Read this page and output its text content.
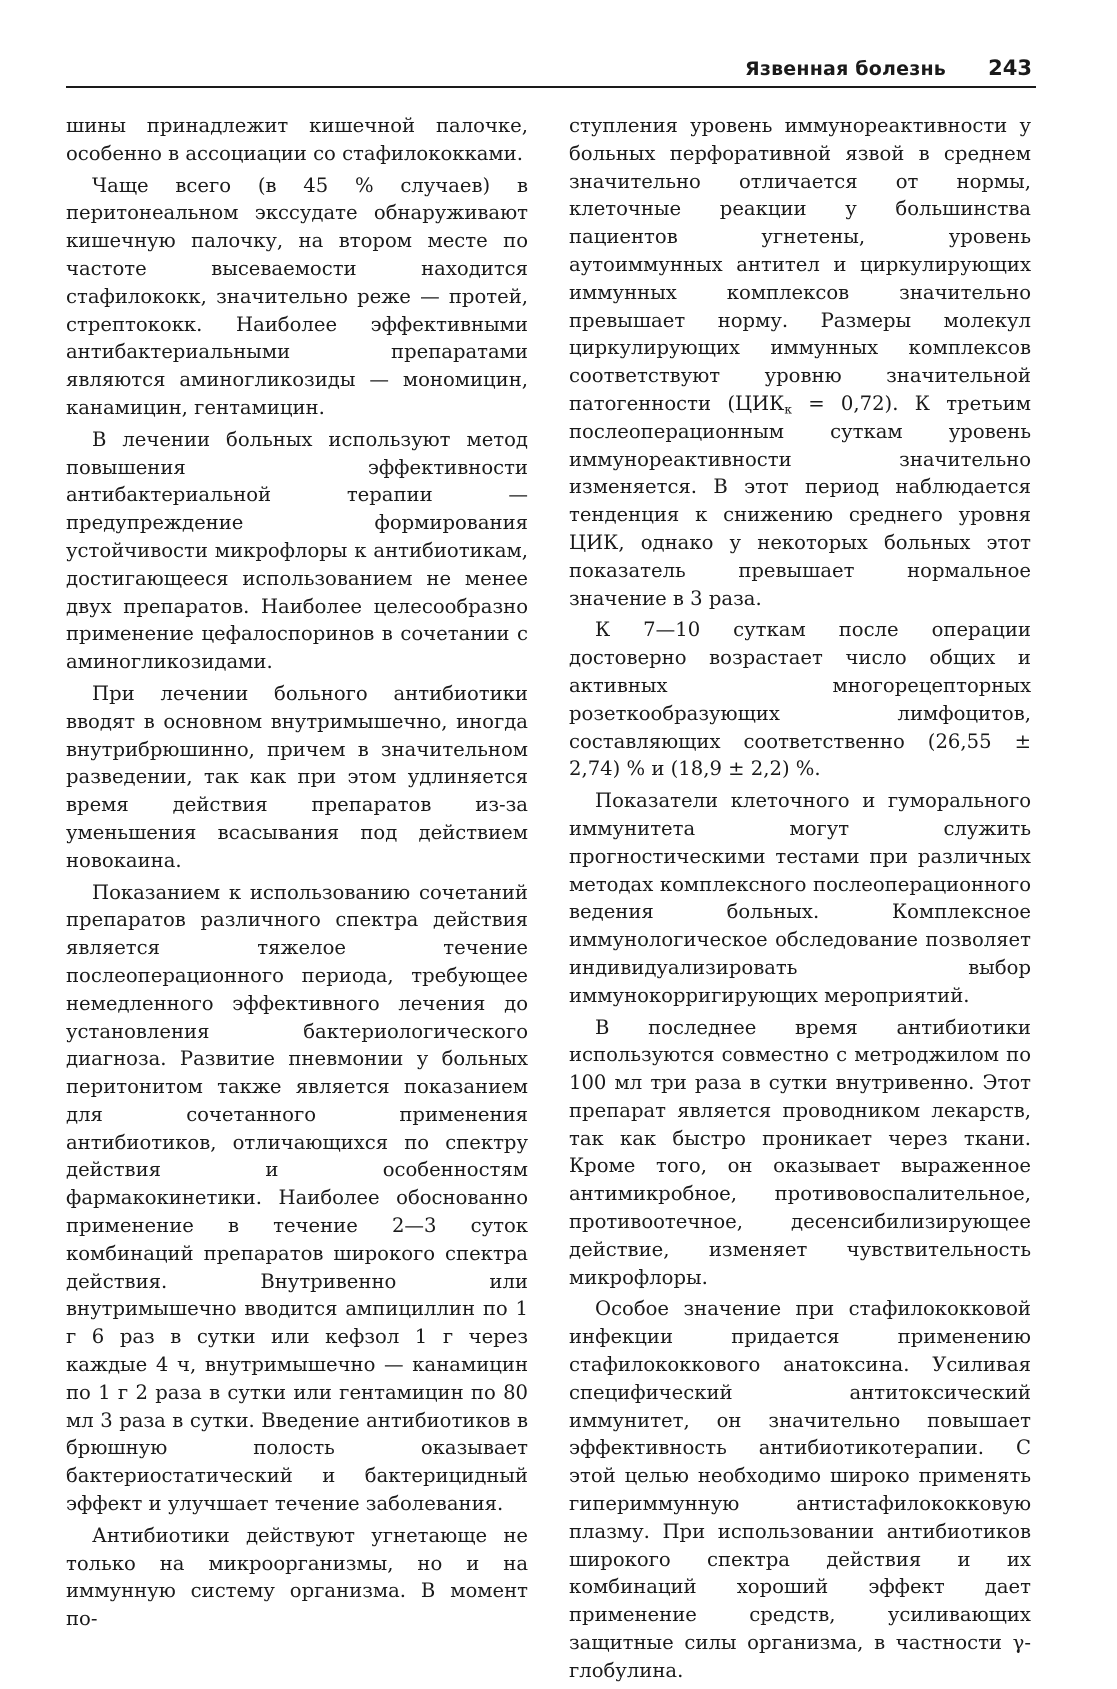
Язвенная болезнь 243

шины принадлежит кишечной палочке, особенно в ассоциации со стафилококками.

Чаще всего (в 45 % случаев) в перитонеальном экссудате обнаруживают кишечную палочку, на втором месте по частоте высеваемости находится стафилококк, значительно реже — протей, стрептококк. Наиболее эффективными антибактериальными препаратами являются аминогликозиды — мономицин, канамицин, гентамицин.

В лечении больных используют метод повышения эффективности антибактериальной терапии — предупреждение формирования устойчивости микрофлоры к антибиотикам, достигающееся использованием не менее двух препаратов. Наиболее целесообразно применение цефалоспоринов в сочетании с аминогликозидами.

При лечении больного антибиотики вводят в основном внутримышечно, иногда внутрибрюшинно, причем в значительном разведении, так как при этом удлиняется время действия препаратов из-за уменьшения всасывания под действием новокаина.

Показанием к использованию сочетаний препаратов различного спектра действия является тяжелое течение послеоперационного периода, требующее немедленного эффективного лечения до установления бактериологического диагноза. Развитие пневмонии у больных перитонитом также является показанием для сочетанного применения антибиотиков, отличающихся по спектру действия и особенностям фармакокинетики. Наиболее обоснованно применение в течение 2—3 суток комбинаций препаратов широкого спектра действия. Внутривенно или внутримышечно вводится ампициллин по 1 г 6 раз в сутки или кефзол 1 г через каждые 4 ч, внутримышечно — канамицин по 1 г 2 раза в сутки или гентамицин по 80 мл 3 раза в сутки. Введение антибиотиков в брюшную полость оказывает бактериостатический и бактерицидный эффект и улучшает течение заболевания.

Антибиотики действуют угнетающе не только на микроорганизмы, но и на иммунную систему организма. В момент по-

ступления уровень иммунореактивности у больных перфоративной язвой в среднем значительно отличается от нормы, клеточные реакции у большинства пациентов угнетены, уровень аутоиммунных антител и циркулирующих иммунных комплексов значительно превышает норму. Размеры молекул циркулирующих иммунных комплексов соответствуют уровню значительной патогенности $(ЦИК_к = 0,72)$. К третьим послеоперационным суткам уровень иммунореактивности значительно изменяется. В этот период наблюдается тенденция к снижению среднего уровня ЦИК, однако у некоторых больных этот показатель превышает нормальное значение в 3 раза.

К 7—10 суткам после операции достоверно возрастает число общих и активных многорецепторных розеткообразующих лимфоцитов, составляющих соответственно (26,55 ± 2,74) % и (18,9 ± 2,2) %.

Показатели клеточного и гуморального иммунитета могут служить прогностическими тестами при различных методах комплексного послеоперационного ведения больных. Комплексное иммунологическое обследование позволяет индивидуализировать выбор иммунокорригирующих мероприятий.

В последнее время антибиотики используются совместно с метроджилом по 100 мл три раза в сутки внутривенно. Этот препарат является проводником лекарств, так как быстро проникает через ткани. Кроме того, он оказывает выраженное антимикробное, противовоспалительное, противоотечное, десенсибилизирующее действие, изменяет чувствительность микрофлоры.

Особое значение при стафилококковой инфекции придается применению стафилококкового анатоксина. Усиливая специфический антитоксический иммунитет, он значительно повышает эффективность антибиотикотерапии. С этой целью необходимо широко применять гипериммунную антистафилококковую плазму. При использовании антибиотиков широкого спектра действия и их комбинаций хороший эффект дает применение средств, усиливающих защитные силы организма, в частности γ-глобулина.
